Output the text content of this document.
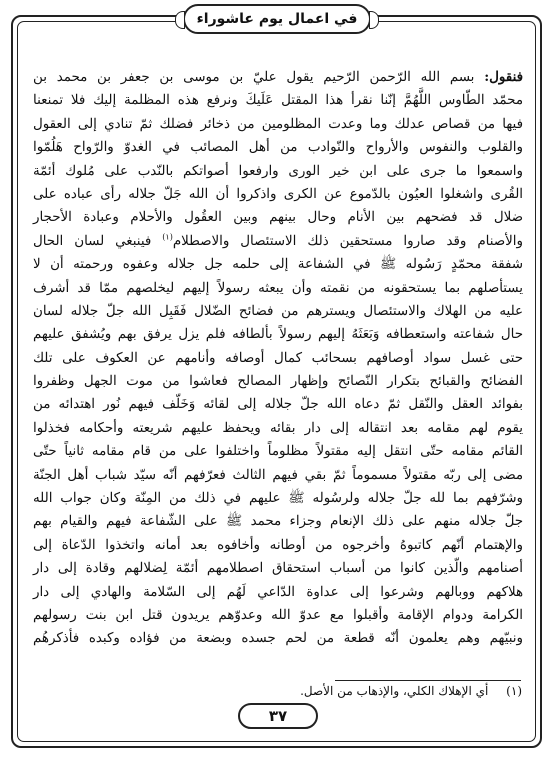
في اعمال يوم عاشوراء
فنقول: بسم الله الرّحمن الرّحيم يقول عليّ بن موسى بن جعفر بن محمد بن
محمّد الطّاوس اللَّهُمَّ إنّنا نقرأ هذا المقتل عَلَيكَ ونرفع هذه المظلمة إليك فلا تمنعنا
فيها من قصاص عدلك وما وعدت المظلومين من ذخائر فضلك ثمّ تنادي إلى العقول
والقلوب والنفوس والأرواح والنّوادب من أهل المصائب في الغدوّ والرّواح هَلُمّوا
واسمعوا ما جرى على ابن خير الورى وارفعوا أصواتكم بالنّدب على مُلوك أئمّة
القُرى واشغلوا العيُون بالدّموع عن الكرى واذكروا أن الله جَلّ جلاله رأى عباده على
ضلال قد فضحهم بين الأنام وحال بينهم وبين العقُول والأحلام وعبادة الأحجار
والأصنام وقد صاروا مستحقين ذلك الاستئصال والاصطلام$^{(١)}$ فينبغي لسان الحال
شفقة محمّدٍ رَسُوله ﷺ في الشفاعة إلى حلمه جل جلاله وعفوه ورحمته أن لا
يستأصلهم بما يستحقونه من نقمته وأن يبعثه رسولاً إليهم ليخلصهم ممّا قد أشرف
عليه من الهلاك والاستئصال ويسترهم من فضائح الضّلال فَقَبِل الله جلّ جلاله لسان
حال شفاعته واستعطافه وَبَعَثَهُ إليهم رسولاً بألطافه فلم يزل يرفق بهم ويُشفق عليهم
حتى غسل سواد أوصافهم بسحائب كمال أوصافه وأنامهم عن العكوف على تلك
الفضائح والقبائح بتكرار النّصائح وإظهار المصالح فعاشوا من موت الجهل وظفروا
بفوائد العقل والنّقل ثمّ دعاه الله جلّ جلاله إلى لقائه وَخَلّف فيهم نُور اهتدائه من
يقوم لهم مقامه بعد انتقاله إلى دار بقائه ويحفظ عليهم شريعته وأحكامه فخذلوا
القائم مقامه حتّى انتقل إليه مقتولاً مظلوماً واختلفوا على من قام مقامه ثانياً حتّى
مضى إلى ربّه مقتولاً مسموماً ثمّ بقي فيهم الثالث فعرّفهم أنّه سيّد شباب أهل الجنّة
وشرّفهم بما لله جلّ جلاله ولرسُوله ﷺ عليهم في ذلك من المِنّة وكان جواب الله
جلّ جلاله منهم على ذلك الإنعام وجزاء محمد ﷺ على الشّفاعة فيهم والقيام بهم
والإهتمام أنّهم كاتبوهُ وأخرجوه من أوطانه وأخافوه بعد أمانه واتخذوا الدّعاة إلى
أصنامهم والّذين كانوا من أسباب استحقاق اصطلامهم أئمّة لِضلالهم وقادة إلى دار
هلاكهم ووبالهم وشرعوا إلى عداوة الدّاعي لَهُم إلى السّلامة والهادي إلى دار
الكرامة ودوام الإقامة وأقبلوا مع عدوّ الله وعدوّهم يريدون قتل ابن بنت رسولهم
ونبيّهم وهم يعلمون أنّه قطعة من لحم جسده وبضعة من فؤاده وكبده فأذكرهُم
(١) أي الإهلاك الكلي، والإذهاب من الأصل.
٣٧
